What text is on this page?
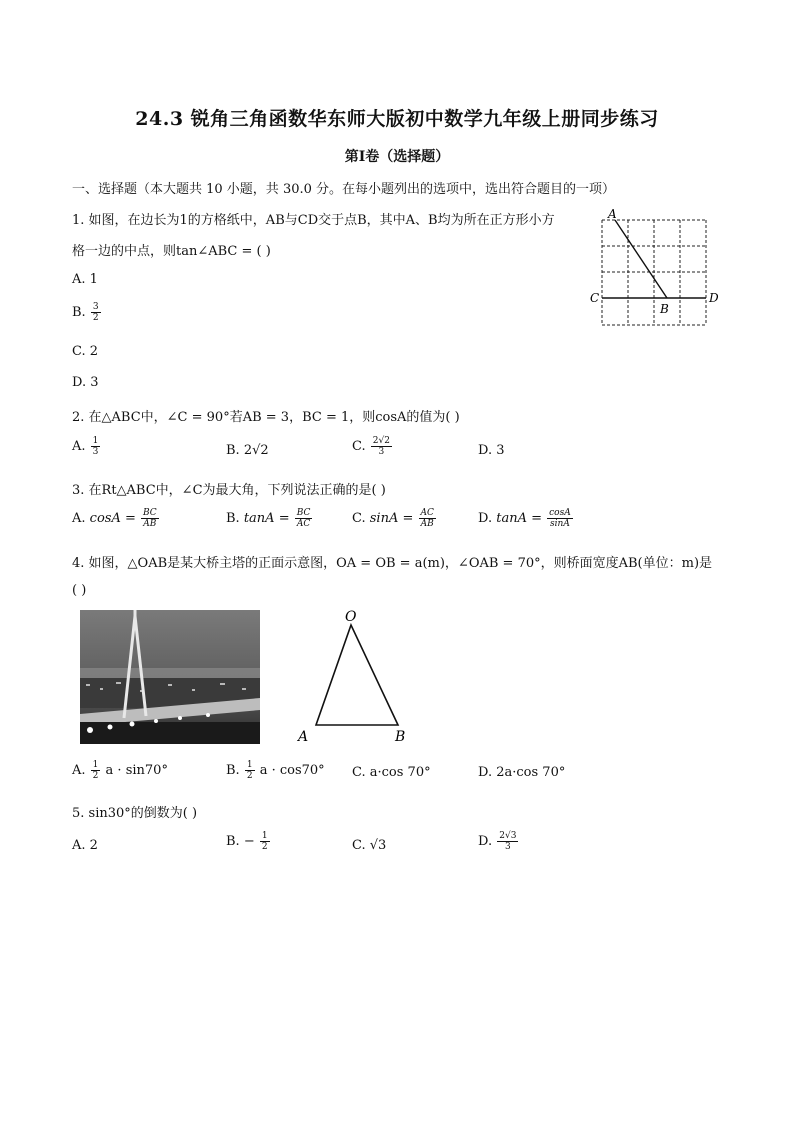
24.3 锐角三角函数华东师大版初中数学九年级上册同步练习
第Ⅰ卷（选择题）
一、选择题（本大题共 10 小题，共 30.0 分。在每小题列出的选项中，选出符合题目的一项）
1. 如图，在边长为1的方格纸中，AB与CD交于点B，其中A、B均为所在正方形小方
格一边的中点，则tan∠ABC = ( )
A. 1
B. $\frac{3}{2}$
C. 2
D. 3
A
B
C	D
2. 在△ABC中，∠C = 90°若AB = 3，BC = 1，则cosA的值为( )
A. $\frac{1}{3}$	B. 2√2	C. $\frac{2√2}{3}$	D. 3
3. 在Rt△ABC中，∠C为最大角，下列说法正确的是( )
A. $\cos A = \frac{BC}{AB}$	B. $\tan A = \frac{BC}{AC}$	C. $\sin A = \frac{AC}{AB}$	D. $\tan A = \frac{\cos A}{\sin A}$
4. 如图，△OAB是某大桥主塔的正面示意图，OA = OB = a(m)，∠OAB = 70°，则桥面宽度AB(单位：m)是
( )
O
A	B
A. $\frac{1}{2}$ a · sin70°	B. $\frac{1}{2}$ a · cos70° C. a·cos 70°	D. 2a·cos 70°
5. sin30°的倒数为( )
A. 2	B. − $\frac{1}{2}$	C. √3	D. $\frac{2√3}{3}$
